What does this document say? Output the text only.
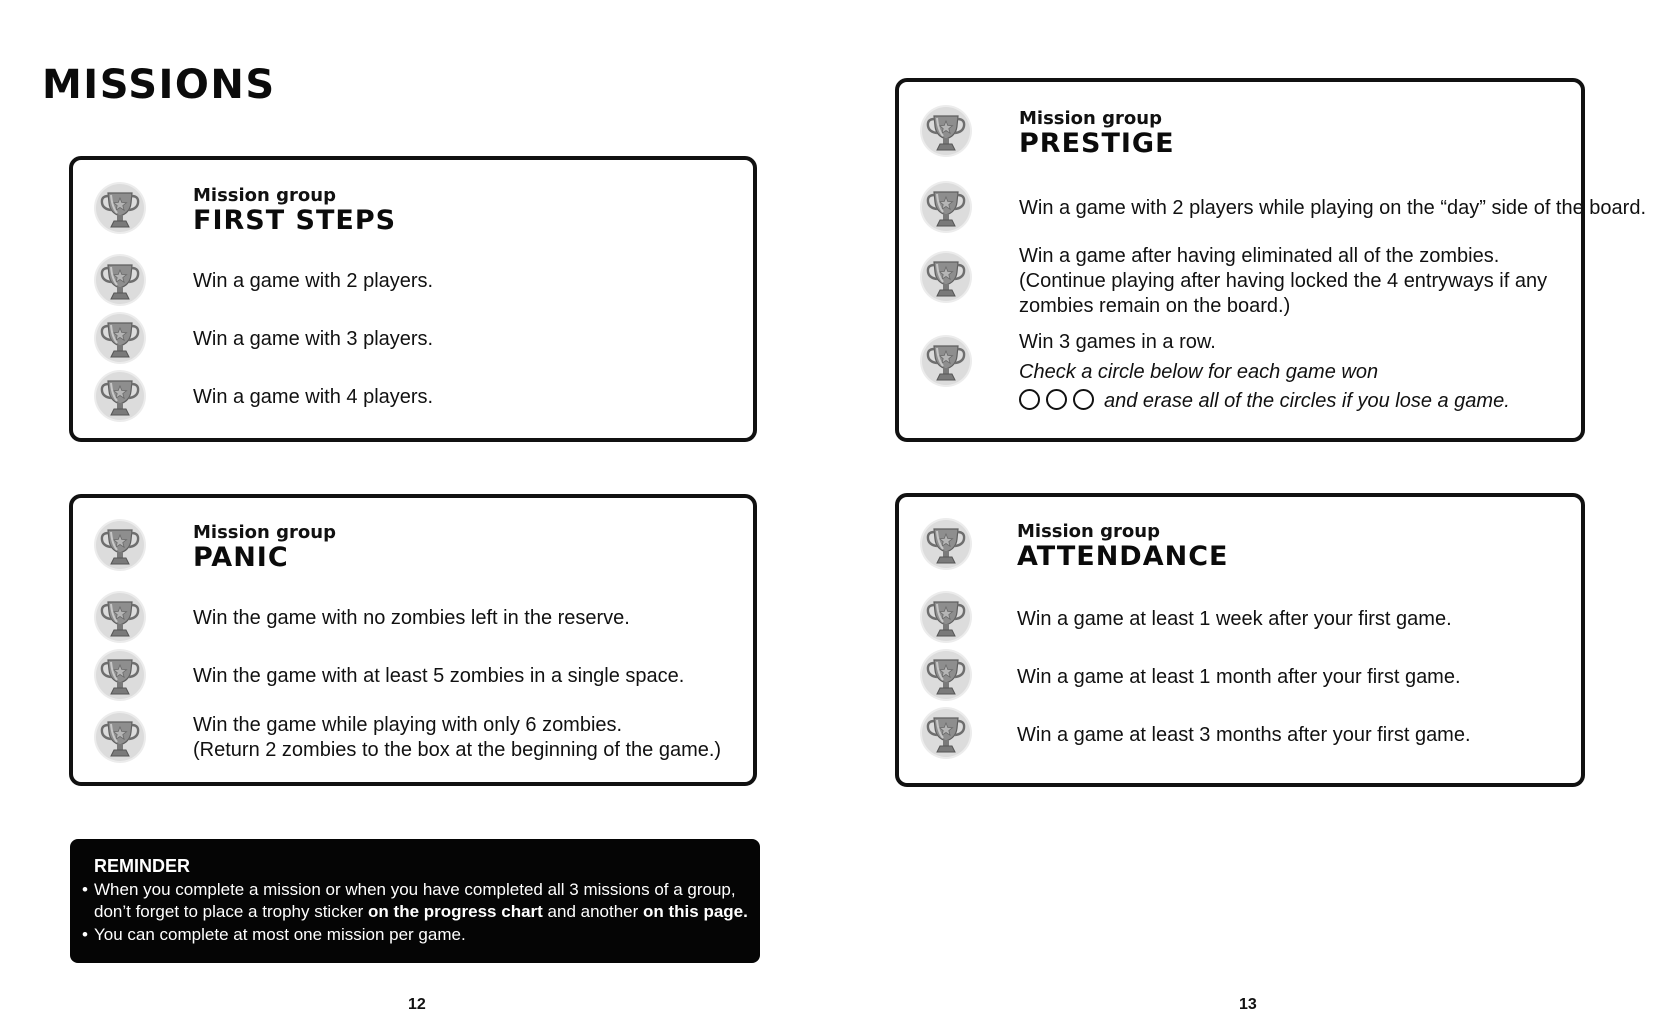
MISSIONS
Mission group
FIRST STEPS
Win a game with 2 players.
Win a game with 3 players.
Win a game with 4 players.
Mission group
PANIC
Win the game with no zombies left in the reserve.
Win the game with at least 5 zombies in a single space.
Win the game while playing with only 6 zombies.
(Return 2 zombies to the box at the beginning of the game.)
Mission group
PRESTIGE
Win a game with 2 players while playing on the “day” side of the board.
Win a game after having eliminated all of the zombies.
(Continue playing after having locked the 4 entryways if any
zombies remain on the board.)
Win 3 games in a row.
Check a circle below for each game won
and erase all of the circles if you lose a game.
Mission group
ATTENDANCE
Win a game at least 1 week after your first game.
Win a game at least 1 month after your first game.
Win a game at least 3 months after your first game.
REMINDER
• When you complete a mission or when you have completed all 3 missions of a group,
don’t forget to place a trophy sticker on the progress chart and another on this page.
• You can complete at most one mission per game.
12	13
